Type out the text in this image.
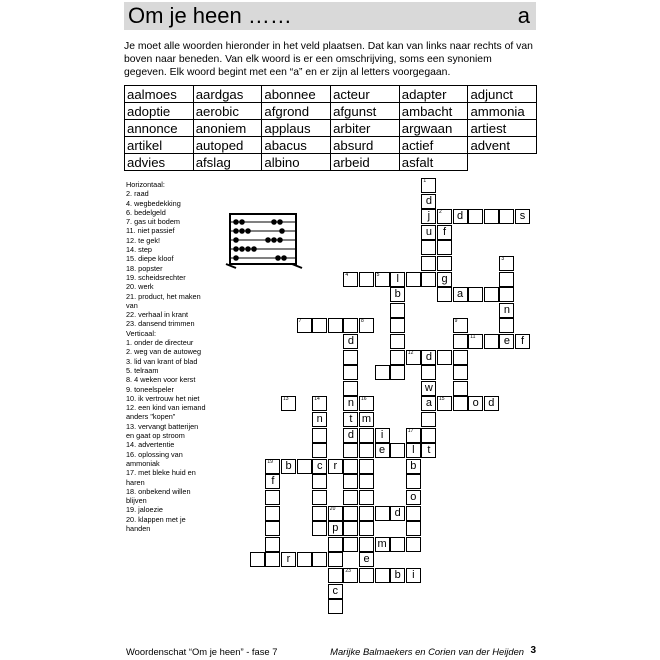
Om je heen ……	a
Je moet alle woorden hieronder in het veld plaatsen. Dat kan van links naar rechts of van boven naar beneden. Van elk woord is er een omschrijving, soms een synoniem gegeven. Elk woord begint met een “a” en er zijn al letters voorgegaan.
aalmoes	aardgas	abonnee	acteur	adapter	adjunct
adoptie	aerobic	afgrond	afgunst	ambacht	ammonia
annonce	anoniem	applaus	arbiter	argwaan	artiest
artikel	autoped	abacus	absurd	actief	advent
advies	afslag	albino	arbeid	asfalt	
Horizontaal:
2. raad
4. wegbedekking
6. bedelgeld
7. gas uit bodem
11. niet passief
12. te gek!
14. step
15. diepe kloof
18. popster
19. scheidsrechter
20. werk
21. product, het maken van
22. verhaal in krant
23. dansend trimmen
Verticaal:
1. onder de directeur
2. weg van de autoweg
3. lid van krant of blad
5. telraam
8. 4 weken voor kerst
9. toneelspeler
10. ik vertrouw het niet
12. een kind van iemand anders "kopen"
13. vervangt batterijen en gaat op stroom
14. advertentie
16. oplossing van ammoniak
17. met bleke huid en haren
18. onbekend willen blijven
19. jaloezie
20. klappen met je handen
1
d
j
u
2	d	s
f
g
3
n
e
4	5	l
b	a
9
7	8
d
n
t
11	f
12	d
w
a	15	o d
d
13	14
n
c
16
m
i
e
17
l
b
o
t
19	b	r
f
20	d
p
e
m
r
23	b	i
c
Woordenschat “Om je heen” - fase 7	Marijke Balmaekers en Corien van der Heijden 3
